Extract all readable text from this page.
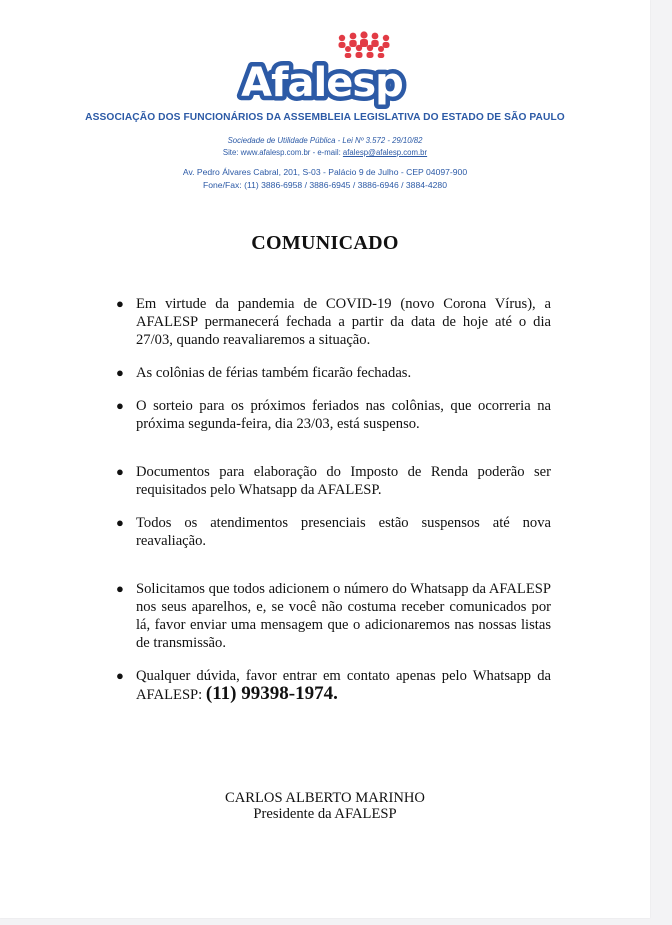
Afalesp
ASSOCIAÇÃO DOS FUNCIONÁRIOS DA ASSEMBLEIA LEGISLATIVA DO ESTADO DE SÃO PAULO
Sociedade de Utilidade Pública - Lei Nº 3.572 - 29/10/82
Site: www.afalesp.com.br - e-mail: afalesp@afalesp.com.br
Av. Pedro Álvares Cabral, 201, S-03 - Palácio 9 de Julho - CEP 04097-900
Fone/Fax: (11) 3886-6958 / 3886-6945 / 3886-6946 / 3884-4280
COMUNICADO
● Em virtude da pandemia de COVID-19 (novo Corona Vírus), a AFALESP permanecerá fechada a partir da data de hoje até o dia 27/03, quando reavaliaremos a situação.
● As colônias de férias também ficarão fechadas.
● O sorteio para os próximos feriados nas colônias, que ocorreria na próxima segunda-feira, dia 23/03, está suspenso.
● Documentos para elaboração do Imposto de Renda poderão ser requisitados pelo Whatsapp da AFALESP.
● Todos os atendimentos presenciais estão suspensos até nova reavaliação.
● Solicitamos que todos adicionem o número do Whatsapp da AFALESP nos seus aparelhos, e, se você não costuma receber comunicados por lá, favor enviar uma mensagem que o adicionaremos nas nossas listas de transmissão.
● Qualquer dúvida, favor entrar em contato apenas pelo Whatsapp da AFALESP: (11) 99398-1974.
CARLOS ALBERTO MARINHO
Presidente da AFALESP
